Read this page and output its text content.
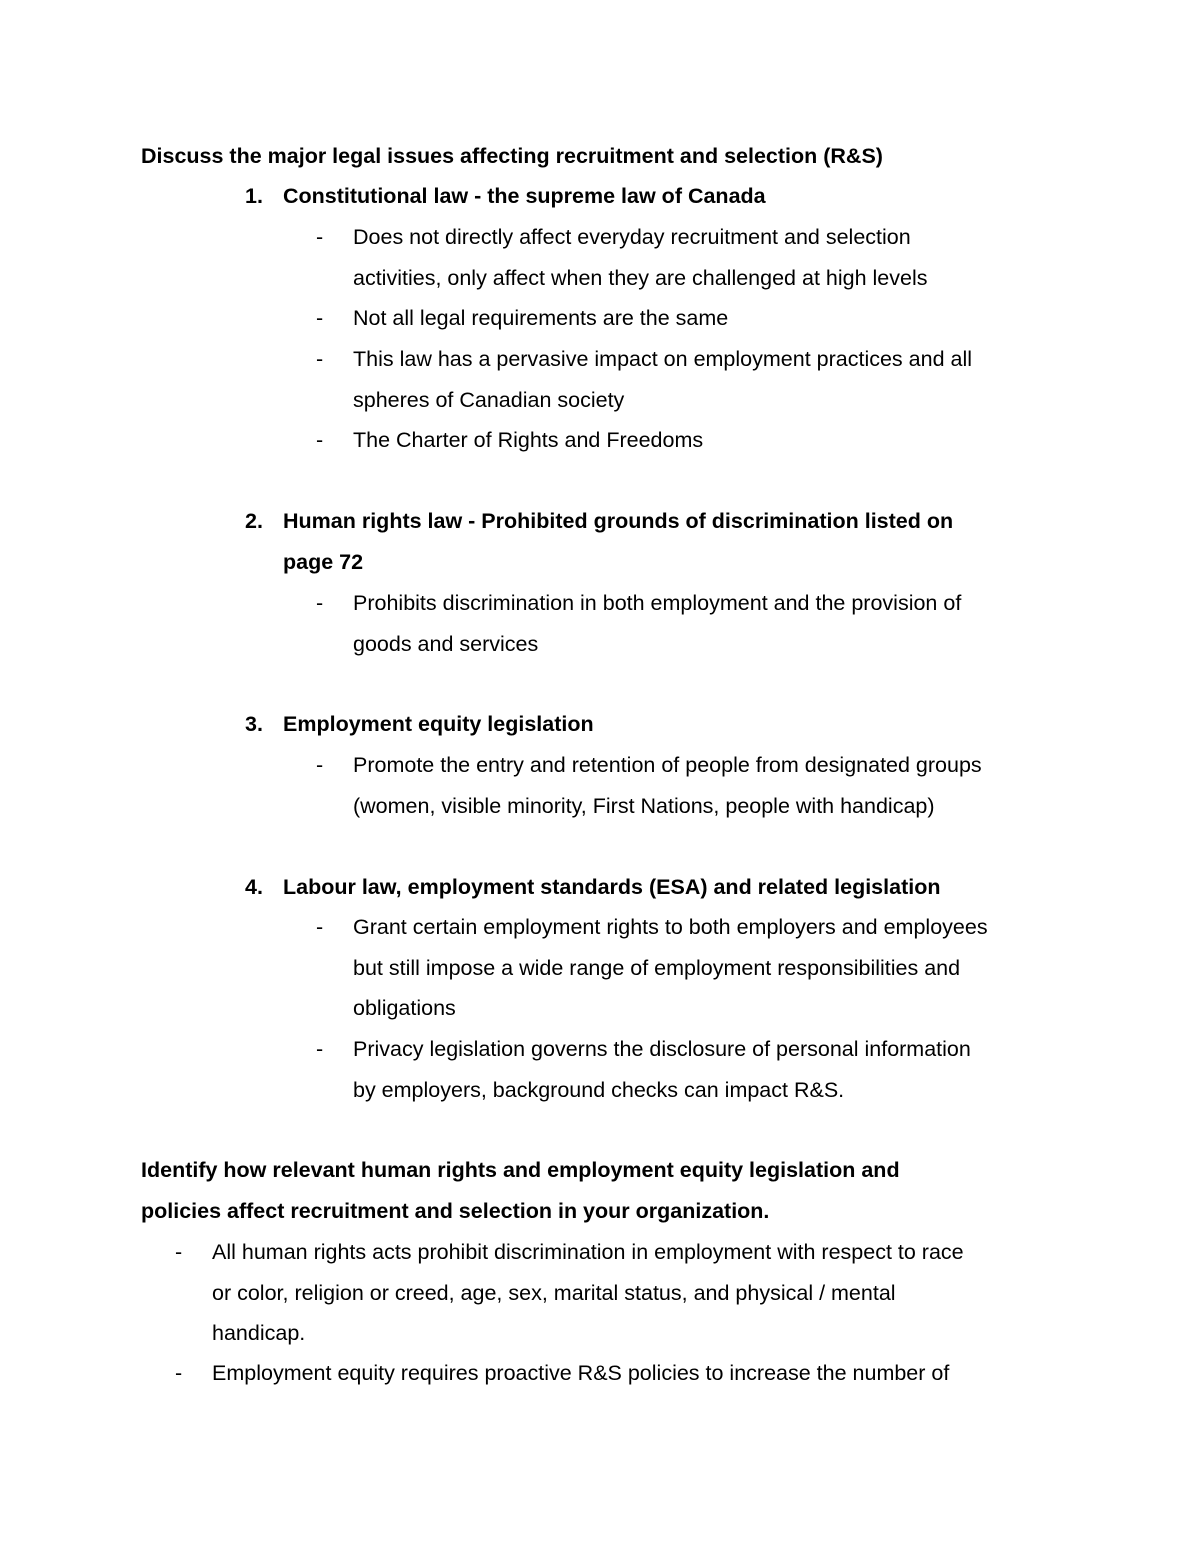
Discuss the major legal issues affecting recruitment and selection (R&S)
1. Constitutional law - the supreme law of Canada
- Does not directly affect everyday recruitment and selection
activities, only affect when they are challenged at high levels
- Not all legal requirements are the same
- This law has a pervasive impact on employment practices and all
spheres of Canadian society
- The Charter of Rights and Freedoms
2. Human rights law - Prohibited grounds of discrimination listed on
page 72
- Prohibits discrimination in both employment and the provision of
goods and services
3. Employment equity legislation
- Promote the entry and retention of people from designated groups
(women, visible minority, First Nations, people with handicap)
4. Labour law, employment standards (ESA) and related legislation
- Grant certain employment rights to both employers and employees
but still impose a wide range of employment responsibilities and
obligations
- Privacy legislation governs the disclosure of personal information
by employers, background checks can impact R&S.
Identify how relevant human rights and employment equity legislation and
policies affect recruitment and selection in your organization.
- All human rights acts prohibit discrimination in employment with respect to race
or color, religion or creed, age, sex, marital status, and physical / mental
handicap.
- Employment equity requires proactive R&S policies to increase the number of
